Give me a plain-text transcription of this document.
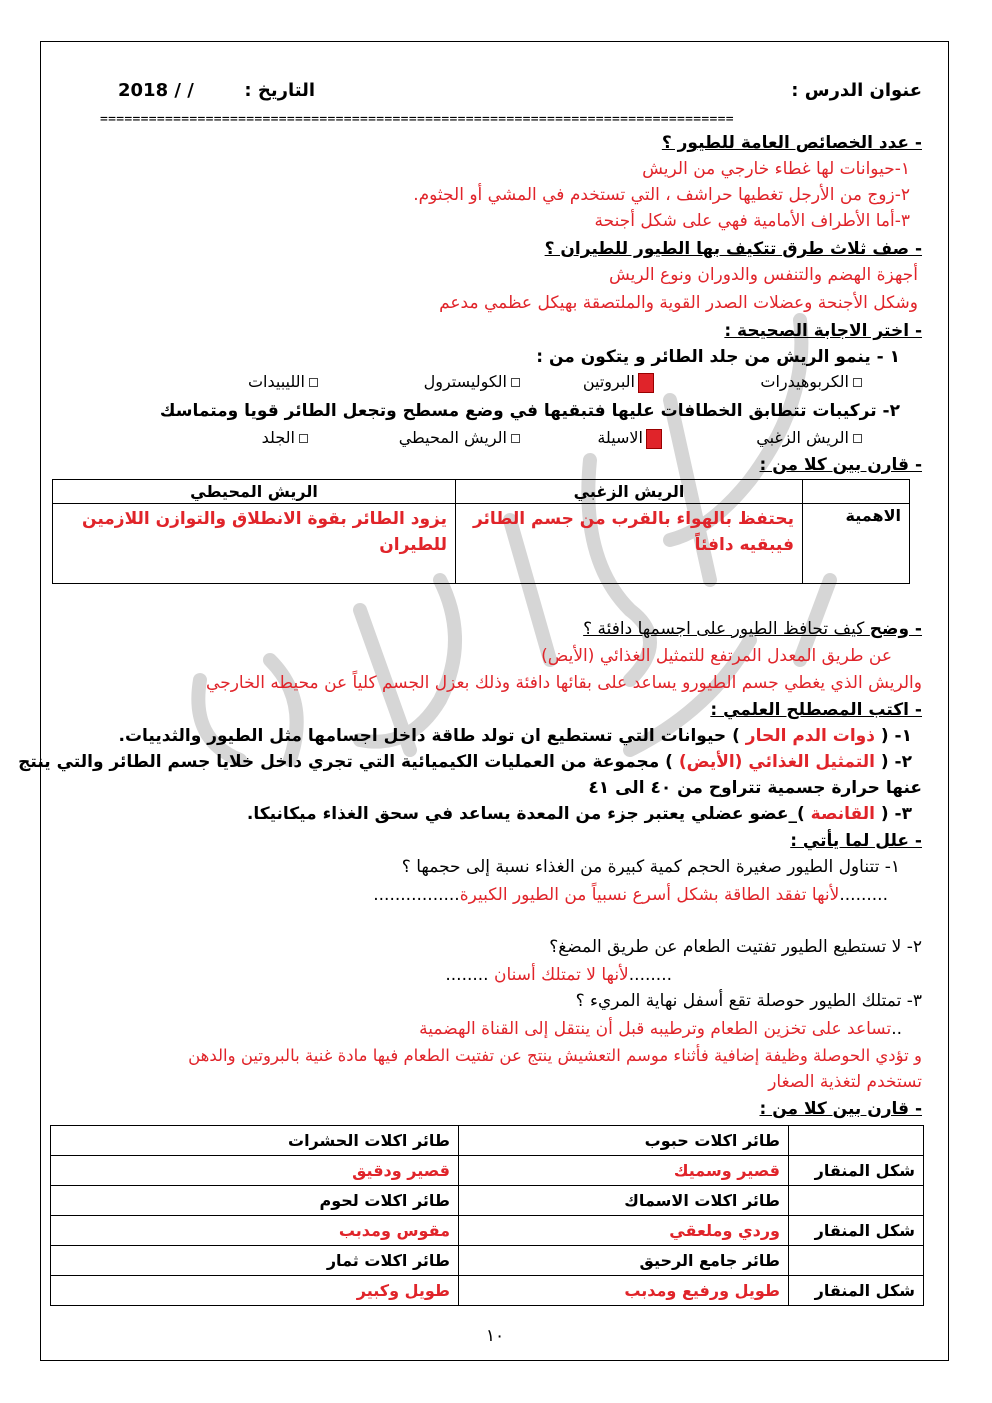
عنوان الدرس :
التاريخ :
2018 / /
==============================================================================
- عدد الخصائص العامة للطيور ؟
١-حيوانات لها غطاء خارجي من الريش
٢-زوج من الأرجل تغطيها حراشف ، التي تستخدم في المشي أو الجثوم.
٣-أما الأطراف الأمامية فهي على شكل أجنحة
- صف ثلاث طرق تتكيف بها الطيور للطيران ؟
أجهزة الهضم والتنفس والدوران ونوع الريش
وشكل الأجنحة وعضلات الصدر القوية والملتصقة بهيكل عظمي مدعم
- اختر الاجابة الصحيحة :
١ - ينمو الريش من جلد الطائر و يتكون من :
الكربوهيدرات
البروتين
الكوليسترول
الليبيدات
٢- تركيبات تتطابق الخطافات عليها فتبقيها في وضع مسطح وتجعل الطائر قويا ومتماسك
الريش الزغبي
الاسيلة
الريش المحيطي
الجلد
- قارن بين كلا من :
	الريش الزغبي	الريش المحيطي
الاهمية	يحتفظ بالهواء بالقرب من جسم الطائر فيبقيه دافئاً	يزود الطائر بقوة الانطلاق والتوازن اللازمين للطيران
- وضح كيف تحافظ الطيور على اجسمها دافئة ؟
عن طريق المعدل المرتفع للتمثيل الغذائي (الأيض)
والريش الذي يغطي جسم الطيورو يساعد على بقائها دافئة وذلك بعزل الجسم كلياً عن محيطه الخارجي
- اكتب المصطلح العلمي :
١- ( ذوات الدم الحار ) حيوانات التي تستطيع ان تولد طاقة داخل اجسامها مثل الطيور والثدييات.
٢- ( التمثيل الغذائي (الأيض) ) مجموعة من العمليات الكيميائية التي تجري داخل خلايا جسم الطائر والتي ينتج
عنها حرارة جسمية تتراوح من ٤٠ الى ٤١
٣- ( القانصة )_عضو عضلي يعتبر جزء من المعدة يساعد في سحق الغذاء ميكانيكا.
- علل لما يأتي :
١- تتناول الطيور صغيرة الحجم كمية كبيرة من الغذاء نسبة إلى حجمها ؟
.........لأنها تفقد الطاقة بشكل أسرع نسبياً من الطيور الكبيرة................
٢- لا تستطيع الطيور تفتيت الطعام عن طريق المضغ؟
........لأنها لا تمتلك أسنان ........
٣- تمتلك الطيور حوصلة تقع أسفل نهاية المريء ؟
..تساعد على تخزين الطعام وترطيبه قبل أن ينتقل إلى القناة الهضمية
و تؤدي الحوصلة وظيفة إضافية فأثناء موسم التعشيش ينتج عن تفتيت الطعام فيها مادة غنية بالبروتين والدهن
تستخدم لتغذية الصغار
- قارن بين كلا من :
	طائر اكلات حبوب	طائر اكلات الحشرات
شكل المنقار	قصير وسميك	قصير ودقيق
	طائر اكلات الاسماك	طائر اكلات لحوم
شكل المنقار	وردي وملعقي	مقوس ومدبب
	طائر جامع الرحيق	طائر اكلات ثمار
شكل المنقار	طويل ورفيع ومدبب	طويل وكبير
١٠
